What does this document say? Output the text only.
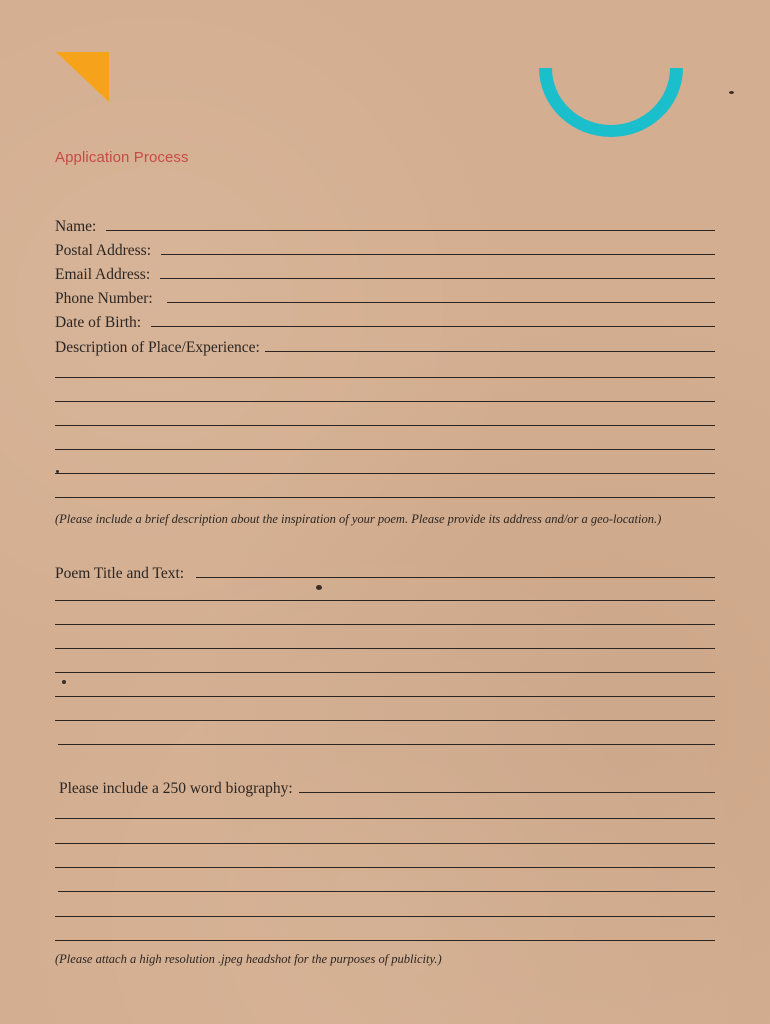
Application Process
Name:
Postal Address:
Email Address:
Phone Number:
Date of Birth:
Description of Place/Experience:
(Please include a brief description about the inspiration of your poem. Please provide its address and/or a geo-location.)
Poem Title and Text:
Please include a 250 word biography:
(Please attach a high resolution .jpeg headshot for the purposes of publicity.)
